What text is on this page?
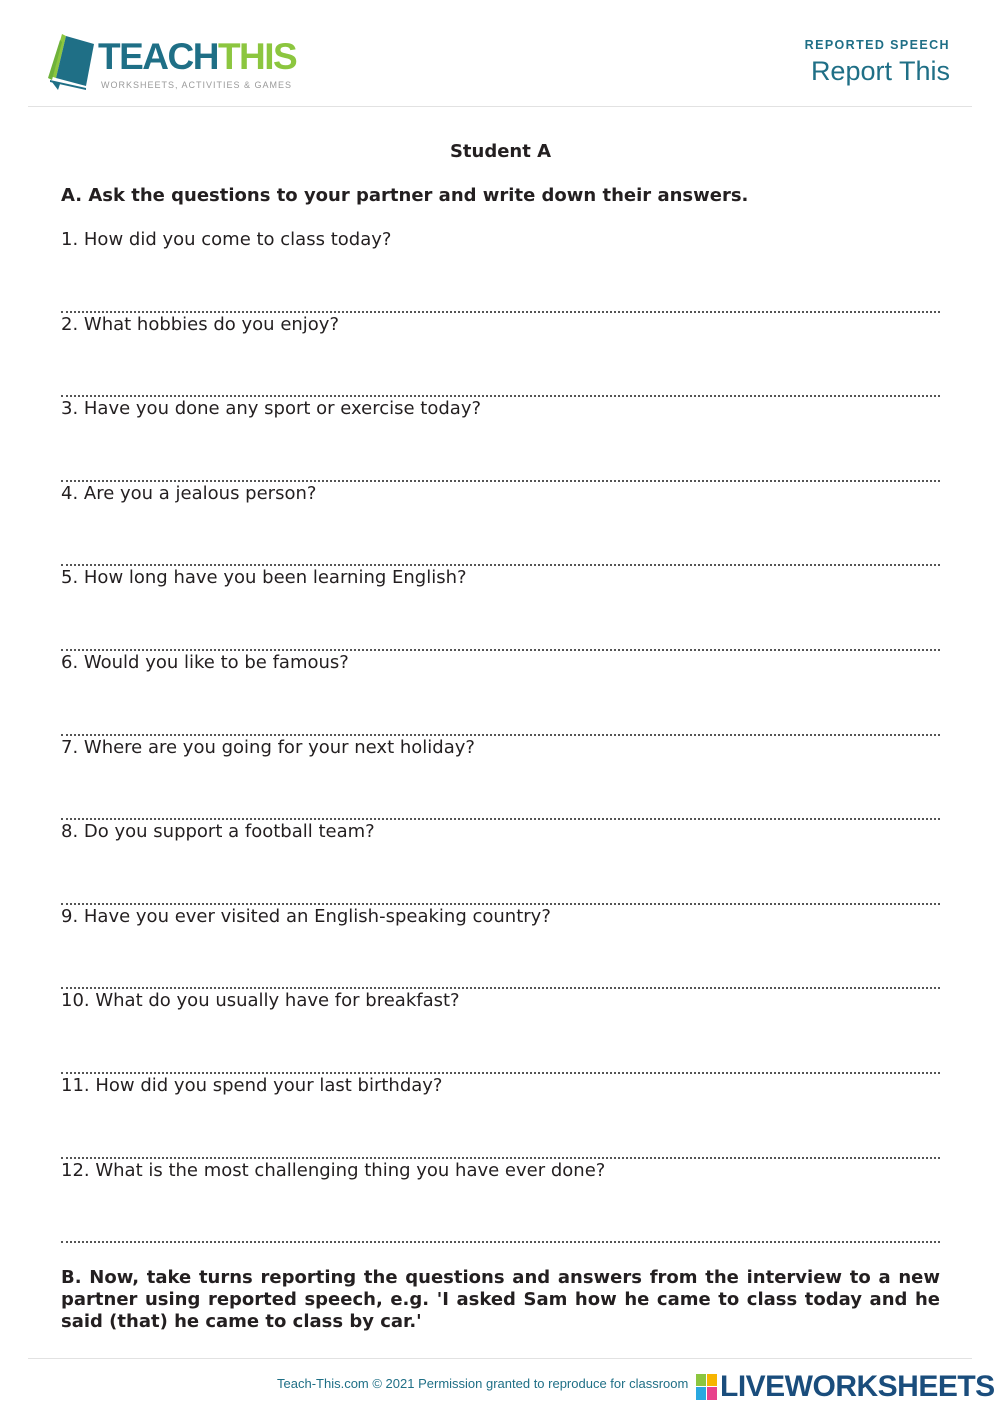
TEACHTHIS
WORKSHEETS, ACTIVITIES & GAMES
REPORTED SPEECH
Report This
Student A
A. Ask the questions to your partner and write down their answers.
1. How did you come to class today?
2. What hobbies do you enjoy?
3. Have you done any sport or exercise today?
4. Are you a jealous person?
5. How long have you been learning English?
6. Would you like to be famous?
7. Where are you going for your next holiday?
8. Do you support a football team?
9. Have you ever visited an English-speaking country?
10. What do you usually have for breakfast?
11. How did you spend your last birthday?
12. What is the most challenging thing you have ever done?
B. Now, take turns reporting the questions and answers from the interview to a new partner using reported speech, e.g. 'I asked Sam how he came to class today and he said (that) he came to class by car.'
Teach-This.com © 2021 Permission granted to reproduce for classroom LIVEWORKSHEETS
